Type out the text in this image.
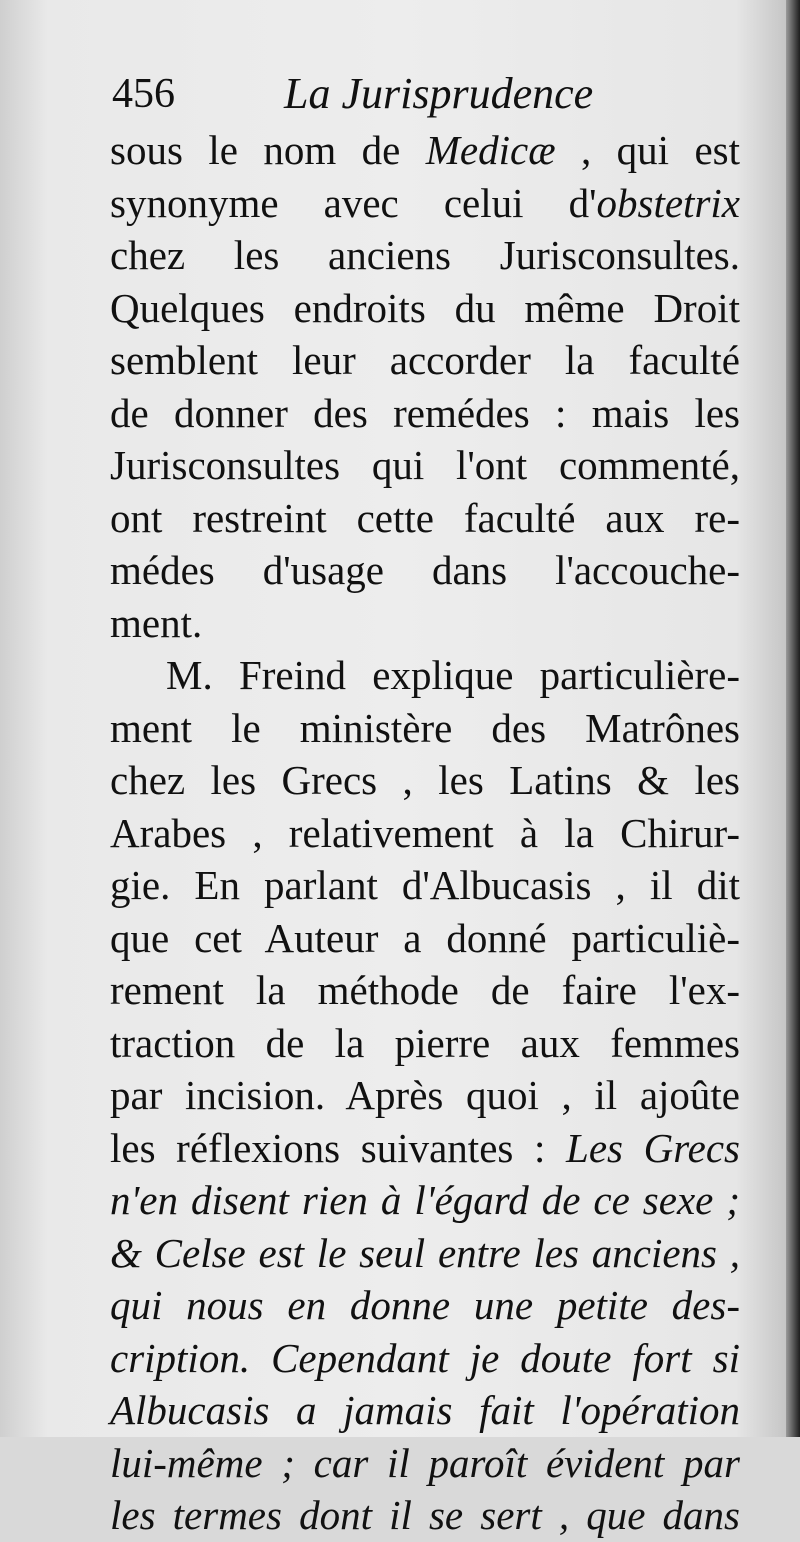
456 La Jurisprudence
sous le nom de Medicæ , qui est
synonyme avec celui d'obstetrix
chez les anciens Jurisconsultes.
Quelques endroits du même Droit
semblent leur accorder la faculté
de donner des remédes : mais les
Jurisconsultes qui l'ont commenté,
ont restreint cette faculté aux re-
médes d'usage dans l'accouche-
ment.
M. Freind explique particulière-
ment le ministère des Matrônes
chez les Grecs , les Latins & les
Arabes , relativement à la Chirur-
gie. En parlant d'Albucasis , il dit
que cet Auteur a donné particuliè-
rement la méthode de faire l'ex-
traction de la pierre aux femmes
par incision. Après quoi , il ajoûte
les réflexions suivantes : Les Grecs
n'en disent rien à l'égard de ce sexe ;
& Celse est le seul entre les anciens ,
qui nous en donne une petite des-
cription. Cependant je doute fort si
Albucasis a jamais fait l'opération
lui-même ; car il paroît évident par
les termes dont il se sert , que dans
